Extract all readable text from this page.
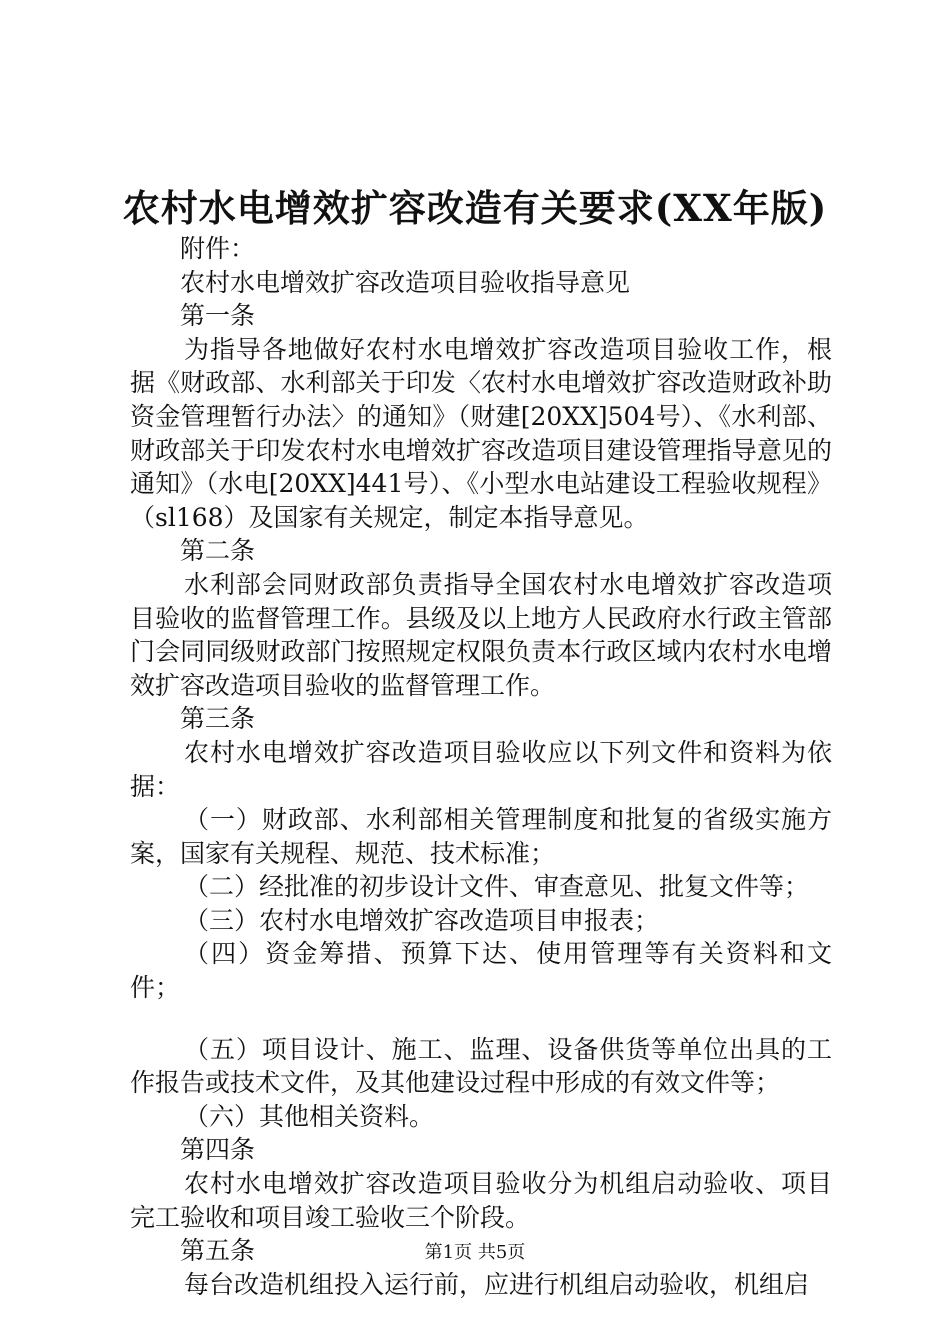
农村水电增效扩容改造有关要求(XX年版)

附件：

农村水电增效扩容改造项目验收指导意见

第一条

为指导各地做好农村水电增效扩容改造项目验收工作，根据《财政部、水利部关于印发〈农村水电增效扩容改造财政补助资金管理暂行办法〉的通知》（财建[20XX]504号）、《水利部、财政部关于印发农村水电增效扩容改造项目建设管理指导意见的通知》（水电[20XX]441号）、《小型水电站建设工程验收规程》（sl168）及国家有关规定，制定本指导意见。

第二条

水利部会同财政部负责指导全国农村水电增效扩容改造项目验收的监督管理工作。县级及以上地方人民政府水行政主管部门会同同级财政部门按照规定权限负责本行政区域内农村水电增效扩容改造项目验收的监督管理工作。

第三条

农村水电增效扩容改造项目验收应以下列文件和资料为依据：

（一）财政部、水利部相关管理制度和批复的省级实施方案，国家有关规程、规范、技术标准；

（二）经批准的初步设计文件、审查意见、批复文件等；

（三）农村水电增效扩容改造项目申报表；

（四）资金筹措、预算下达、使用管理等有关资料和文件；

（五）项目设计、施工、监理、设备供货等单位出具的工作报告或技术文件，及其他建设过程中形成的有效文件等；

（六）其他相关资料。

第四条

农村水电增效扩容改造项目验收分为机组启动验收、项目完工验收和项目竣工验收三个阶段。

第五条

每台改造机组投入运行前，应进行机组启动验收，机组启

第1页 共5页
